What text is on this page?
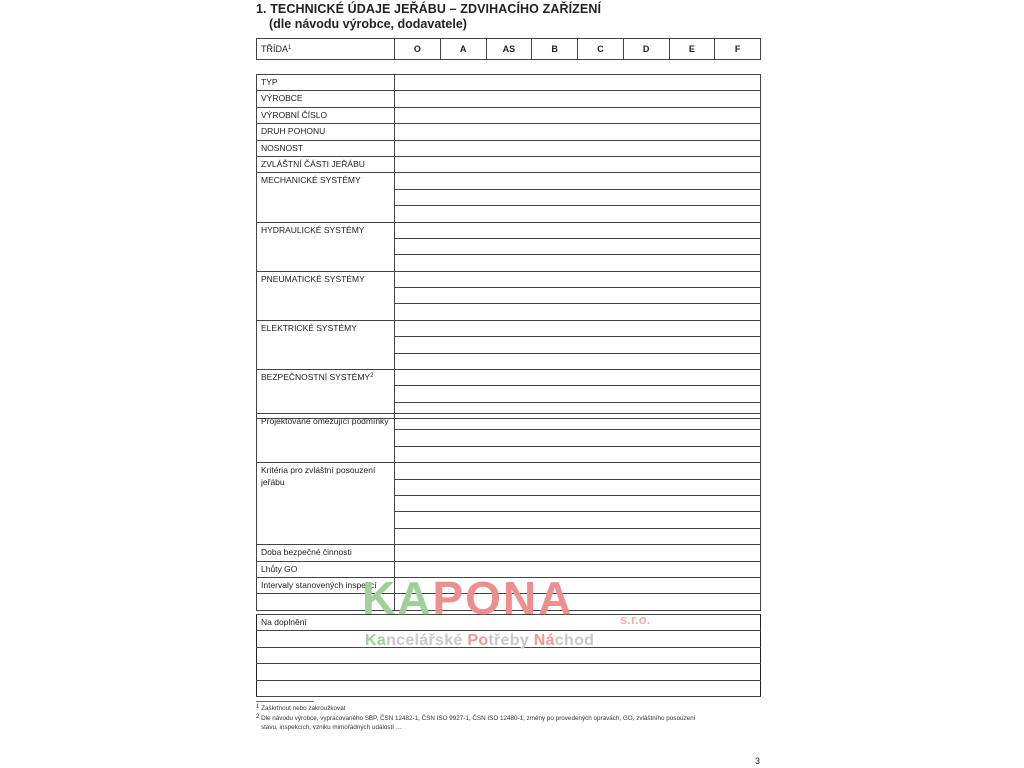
1. TECHNICKÉ ÚDAJE JEŘÁBU – ZDVIHACÍHO ZAŘÍZENÍ
(dle návodu výrobce, dodavatele)
TŘÍDA$^1$	O	A	AS	B	C	D	E	F
TYP	
VÝROBCE	
VÝROBNÍ ČÍSLO	
DRUH POHONU	
NOSNOST	
ZVLÁŠTNÍ ČÁSTI JEŘÁBU	
MECHANICKÉ SYSTÉMY	

HYDRAULICKÉ SYSTÉMY	

PNEUMATICKÉ SYSTÉMY	

ELEKTRICKÉ SYSTÉMY	

BEZPEČNOSTNÍ SYSTÉMY$^2$	

Projektované omezující podmínky	

Kritéria pro zvláštní posouzení jeřábu	

Doba bezpečné činnosti	
Lhůty GO	
Intervaly stanovených inspekcí	

Na doplnění KAPONA	s.r.o.
Kancelářské Potřeby Náchod
$^1$ Zaškrtnout nebo zakroužkovat
$^2$ Dle návodu výrobce, vypracovaného SBP, ČSN 12482-1, ČSN ISO 9927-1, ČSN ISO 12480-1, změny po provedených opravách, GO, zvláštního posouzení
stavu, inspekcích, vzniku mimořádných událostí …
3
